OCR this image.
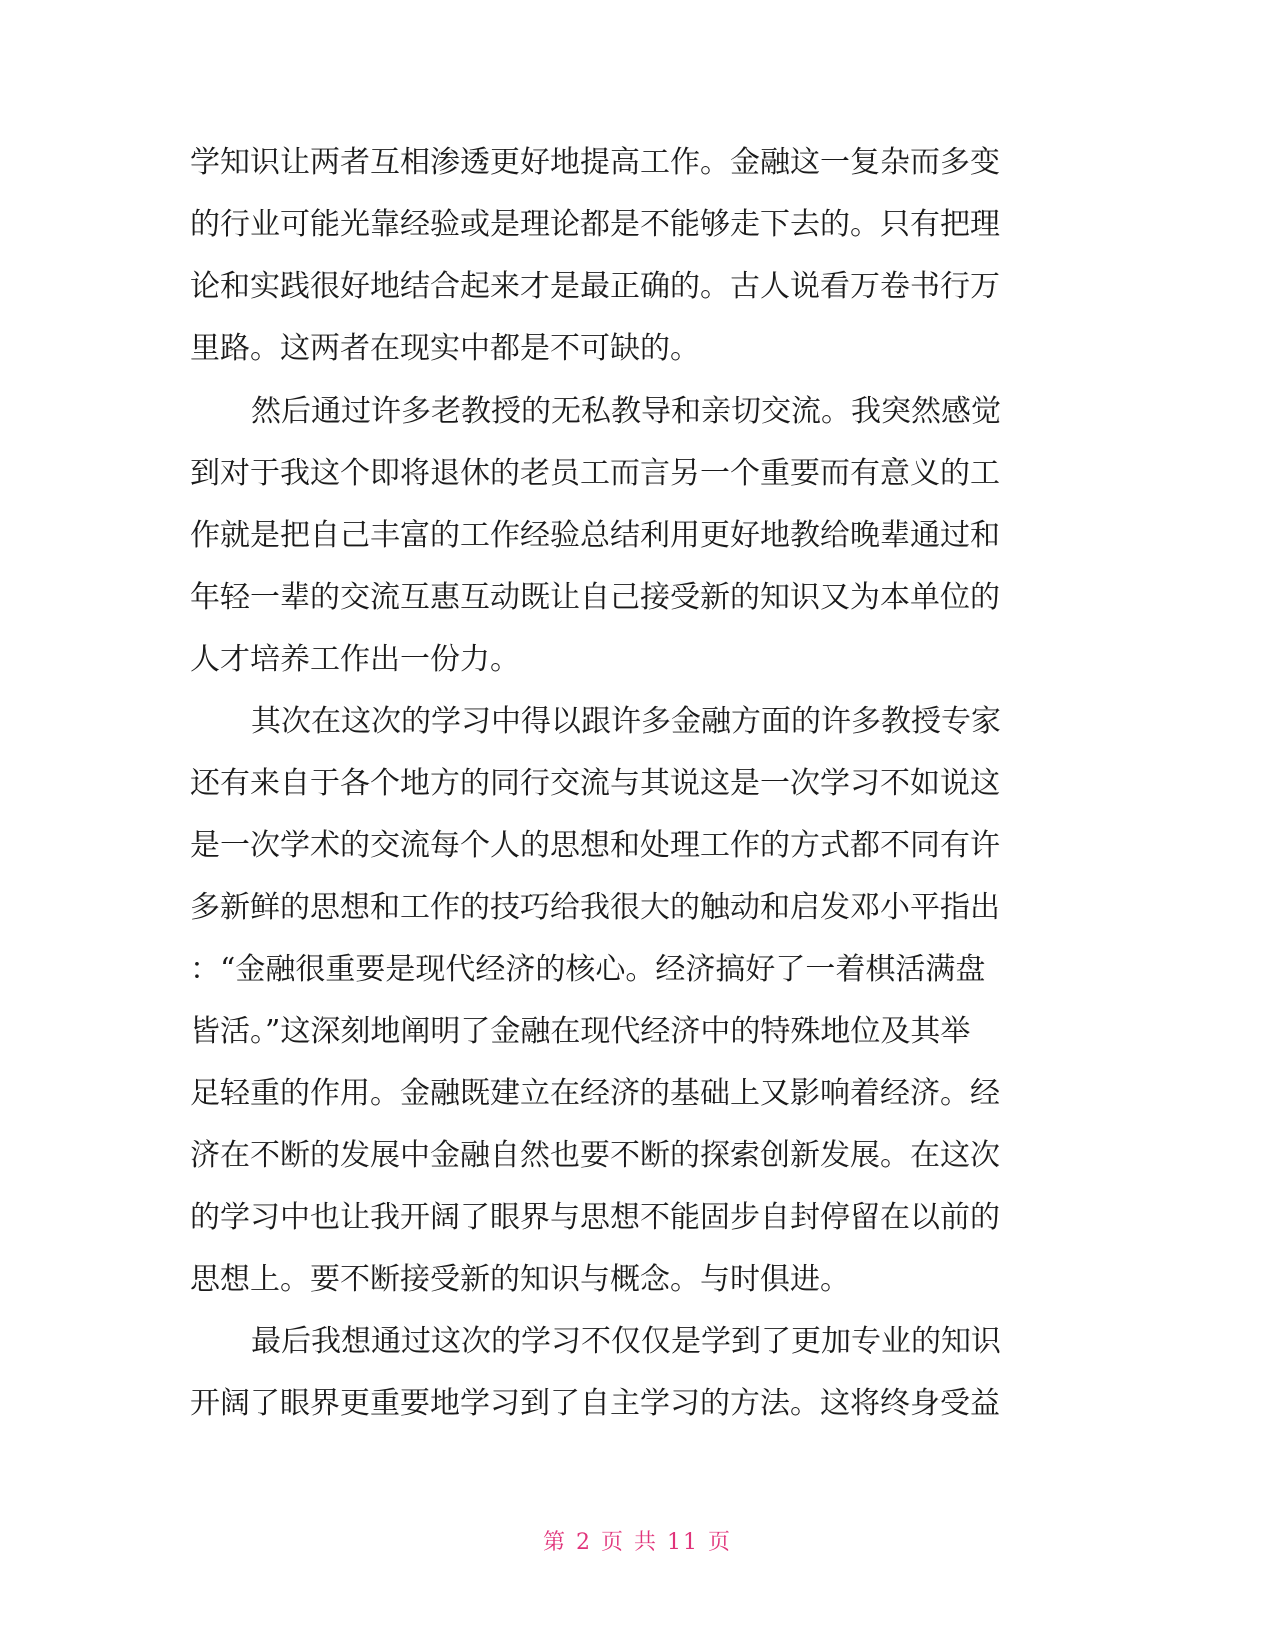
学知识让两者互相渗透更好地提高工作。金融这一复杂而多变
的行业可能光靠经验或是理论都是不能够走下去的。只有把理
论和实践很好地结合起来才是最正确的。古人说看万卷书行万
里路。这两者在现实中都是不可缺的。
然后通过许多老教授的无私教导和亲切交流。我突然感觉
到对于我这个即将退休的老员工而言另一个重要而有意义的工
作就是把自己丰富的工作经验总结利用更好地教给晚辈通过和
年轻一辈的交流互惠互动既让自己接受新的知识又为本单位的
人才培养工作出一份力。
其次在这次的学习中得以跟许多金融方面的许多教授专家
还有来自于各个地方的同行交流与其说这是一次学习不如说这
是一次学术的交流每个人的思想和处理工作的方式都不同有许
多新鲜的思想和工作的技巧给我很大的触动和启发邓小平指出
：“金融很重要是现代经济的核心。经济搞好了一着棋活满盘
皆活。”这深刻地阐明了金融在现代经济中的特殊地位及其举
足轻重的作用。金融既建立在经济的基础上又影响着经济。经
济在不断的发展中金融自然也要不断的探索创新发展。在这次
的学习中也让我开阔了眼界与思想不能固步自封停留在以前的
思想上。要不断接受新的知识与概念。与时俱进。
最后我想通过这次的学习不仅仅是学到了更加专业的知识
开阔了眼界更重要地学习到了自主学习的方法。这将终身受益
第 2 页 共 11 页
